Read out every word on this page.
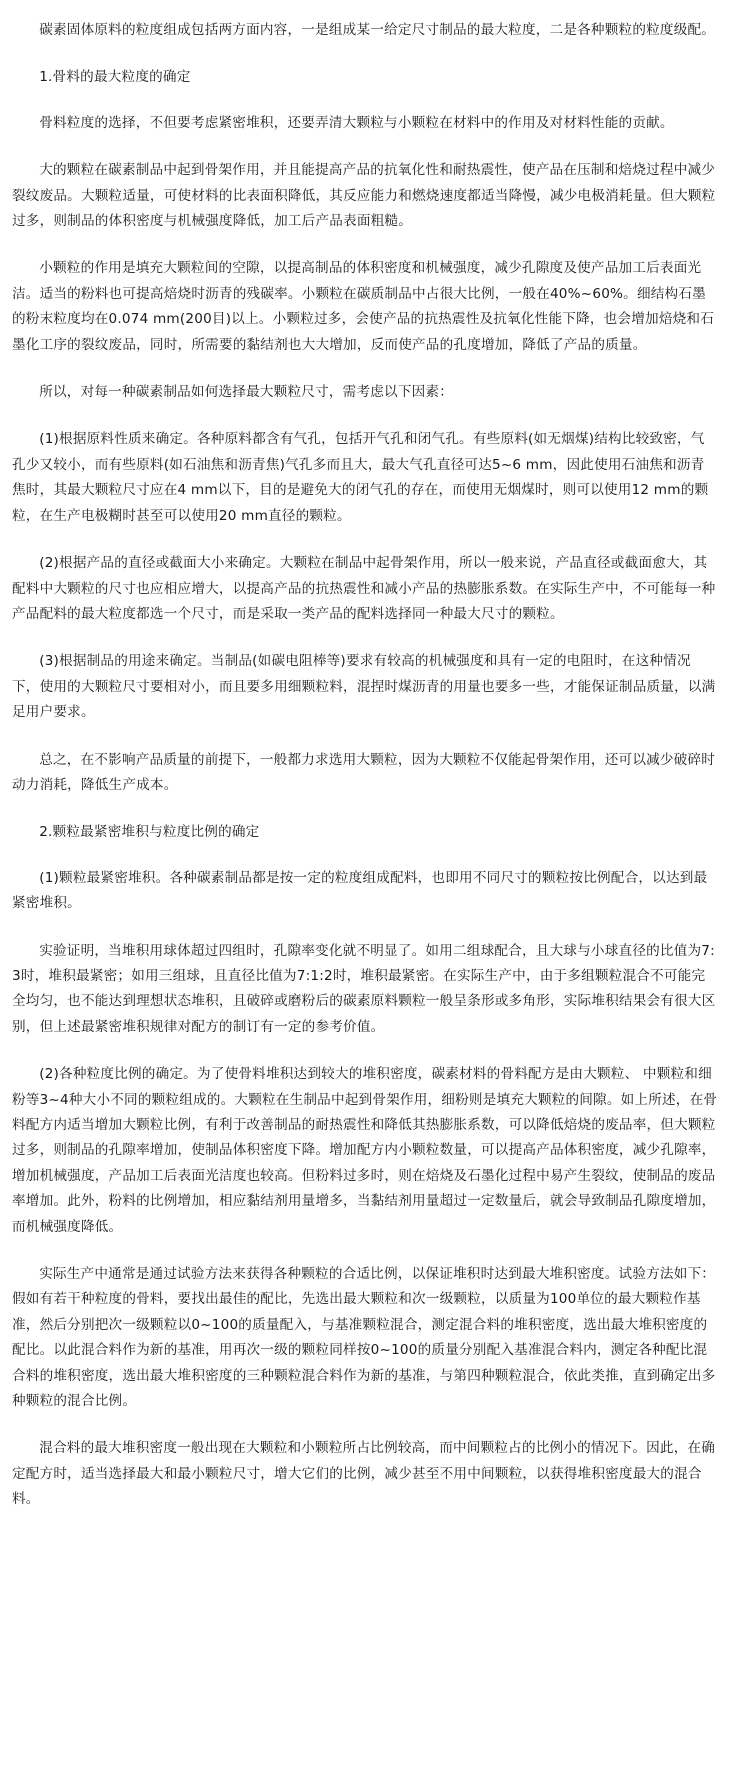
碳素固体原料的粒度组成包括两方面内容，一是组成某一给定尺寸制品的最大粒度，二是各种颗粒的粒度级配。

1.骨料的最大粒度的确定

骨料粒度的选择，不但要考虑紧密堆积，还要弄清大颗粒与小颗粒在材料中的作用及对材料性能的贡献。

大的颗粒在碳素制品中起到骨架作用，并且能提高产品的抗氧化性和耐热震性，使产品在压制和焙烧过程中减少裂纹废品。大颗粒适量，可使材料的比表面积降低，其反应能力和燃烧速度都适当降慢，减少电极消耗量。但大颗粒过多，则制品的体积密度与机械强度降低，加工后产品表面粗糙。

小颗粒的作用是填充大颗粒间的空隙，以提高制品的体积密度和机械强度，减少孔隙度及使产品加工后表面光洁。适当的粉料也可提高焙烧时沥青的残碳率。小颗粒在碳质制品中占很大比例，一般在40%~60%。细结构石墨的粉末粒度均在0.074 mm(200目)以上。小颗粒过多，会使产品的抗热震性及抗氧化性能下降，也会增加焙烧和石墨化工序的裂纹废品，同时，所需要的黏结剂也大大增加，反而使产品的孔度增加，降低了产品的质量。

所以，对每一种碳素制品如何选择最大颗粒尺寸，需考虑以下因素：

(1)根据原料性质来确定。各种原料都含有气孔，包括开气孔和闭气孔。有些原料(如无烟煤)结构比较致密，气孔少又较小，而有些原料(如石油焦和沥青焦)气孔多而且大，最大气孔直径可达5~6 mm，因此使用石油焦和沥青焦时，其最大颗粒尺寸应在4 mm以下，目的是避免大的闭气孔的存在，而使用无烟煤时，则可以使用12 mm的颗粒，在生产电极糊时甚至可以使用20 mm直径的颗粒。

(2)根据产品的直径或截面大小来确定。大颗粒在制品中起骨架作用，所以一般来说，产品直径或截面愈大，其配料中大颗粒的尺寸也应相应增大，以提高产品的抗热震性和减小产品的热膨胀系数。在实际生产中，不可能每一种产品配料的最大粒度都选一个尺寸，而是采取一类产品的配料选择同一种最大尺寸的颗粒。

(3)根据制品的用途来确定。当制品(如碳电阻棒等)要求有较高的机械强度和具有一定的电阻时，在这种情况下，使用的大颗粒尺寸要相对小，而且要多用细颗粒料，混捏时煤沥青的用量也要多一些，才能保证制品质量，以满足用户要求。

总之，在不影响产品质量的前提下，一般都力求选用大颗粒，因为大颗粒不仅能起骨架作用，还可以减少破碎时动力消耗，降低生产成本。

2.颗粒最紧密堆积与粒度比例的确定

(1)颗粒最紧密堆积。各种碳素制品都是按一定的粒度组成配料，也即用不同尺寸的颗粒按比例配合，以达到最紧密堆积。

实验证明，当堆积用球体超过四组时，孔隙率变化就不明显了。如用二组球配合，且大球与小球直径的比值为7:3时，堆积最紧密；如用三组球，且直径比值为7:1:2时，堆积最紧密。在实际生产中，由于多组颗粒混合不可能完全均匀，也不能达到理想状态堆积，且破碎或磨粉后的碳素原料颗粒一般呈条形或多角形，实际堆积结果会有很大区别，但上述最紧密堆积规律对配方的制订有一定的参考价值。

(2)各种粒度比例的确定。为了使骨料堆积达到较大的堆积密度，碳素材料的骨料配方是由大颗粒、 中颗粒和细粉等3~4种大小不同的颗粒组成的。大颗粒在生制品中起到骨架作用，细粉则是填充大颗粒的间隙。如上所述，在骨料配方内适当增加大颗粒比例，有利于改善制品的耐热震性和降低其热膨胀系数，可以降低焙烧的废品率，但大颗粒过多，则制品的孔隙率增加，使制品体积密度下降。增加配方内小颗粒数量，可以提高产品体积密度，减少孔隙率，增加机械强度，产品加工后表面光洁度也较高。但粉料过多时，则在焙烧及石墨化过程中易产生裂纹，使制品的废品率增加。此外，粉料的比例增加，相应黏结剂用量增多，当黏结剂用量超过一定数量后，就会导致制品孔隙度增加，而机械强度降低。

实际生产中通常是通过试验方法来获得各种颗粒的合适比例，以保证堆积时达到最大堆积密度。试验方法如下：假如有若干种粒度的骨料，要找出最佳的配比，先选出最大颗粒和次一级颗粒，以质量为100单位的最大颗粒作基准，然后分别把次一级颗粒以0~100的质量配入，与基准颗粒混合，测定混合料的堆积密度，选出最大堆积密度的配比。以此混合料作为新的基准，用再次一级的颗粒同样按0~100的质量分别配入基准混合料内，测定各种配比混合料的堆积密度，选出最大堆积密度的三种颗粒混合料作为新的基准，与第四种颗粒混合，依此类推，直到确定出多种颗粒的混合比例。

混合料的最大堆积密度一般出现在大颗粒和小颗粒所占比例较高，而中间颗粒占的比例小的情况下。因此，在确定配方时，适当选择最大和最小颗粒尺寸，增大它们的比例，减少甚至不用中间颗粒，以获得堆积密度最大的混合料。
